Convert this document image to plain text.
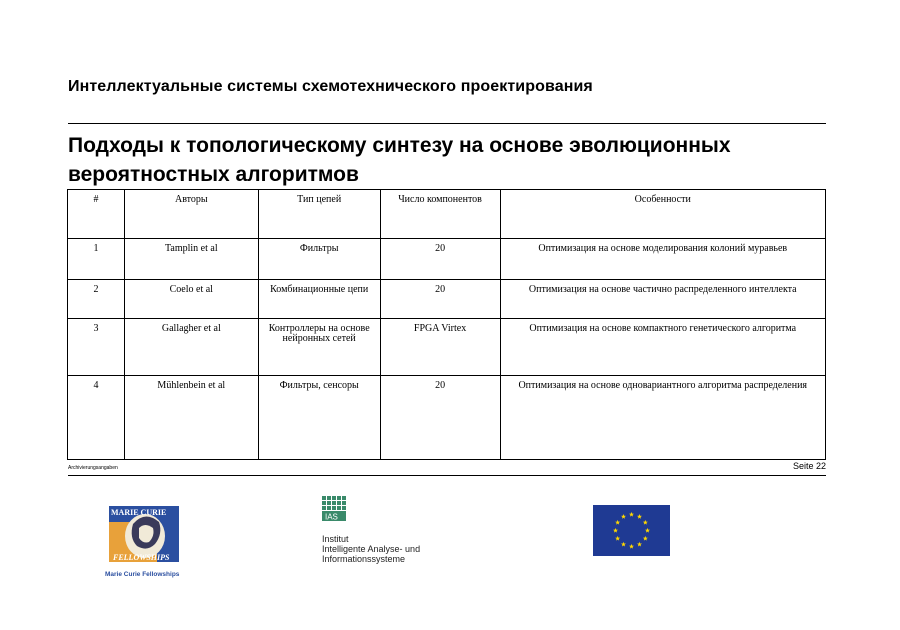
Интеллектуальные системы схемотехнического проектирования
Подходы к топологическому синтезу на основе эволюционных вероятностных алгоритмов
#	Авторы	Тип цепей	Число компонентов	Особенности
1	Tamplin et al	Фильтры	20	Оптимизация на основе моделирования колоний муравьев
2	Coelo et al	Комбинационные цепи	20	Оптимизация на основе частично распределенного интеллекта
3	Gallagher et al	Контроллеры на основе нейронных сетей	FPGA Virtex	Оптимизация на основе компактного генетического алгоритма
4	Mühlenbein et al	Фильтры, сенсоры	20	Оптимизация на основе одновариантного алгоритма распределения
Archivierungsangaben	Seite 22
MARIE CURIE
FELLOWSHIPS
Marie Curie Fellowships
IAS
Institut
Intelligente Analyse- und
Informationssysteme
